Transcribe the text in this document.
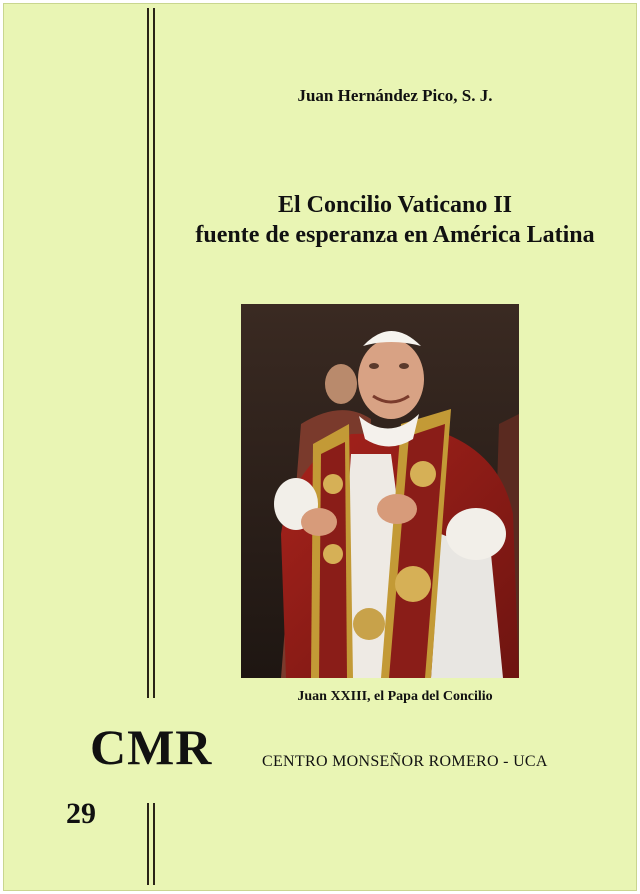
Juan Hernández Pico, S. J.
El Concilio Vaticano II
fuente de esperanza en América Latina
Juan XXIII, el Papa del Concilio
CMR	CENTRO MONSEÑOR ROMERO - UCA
29
